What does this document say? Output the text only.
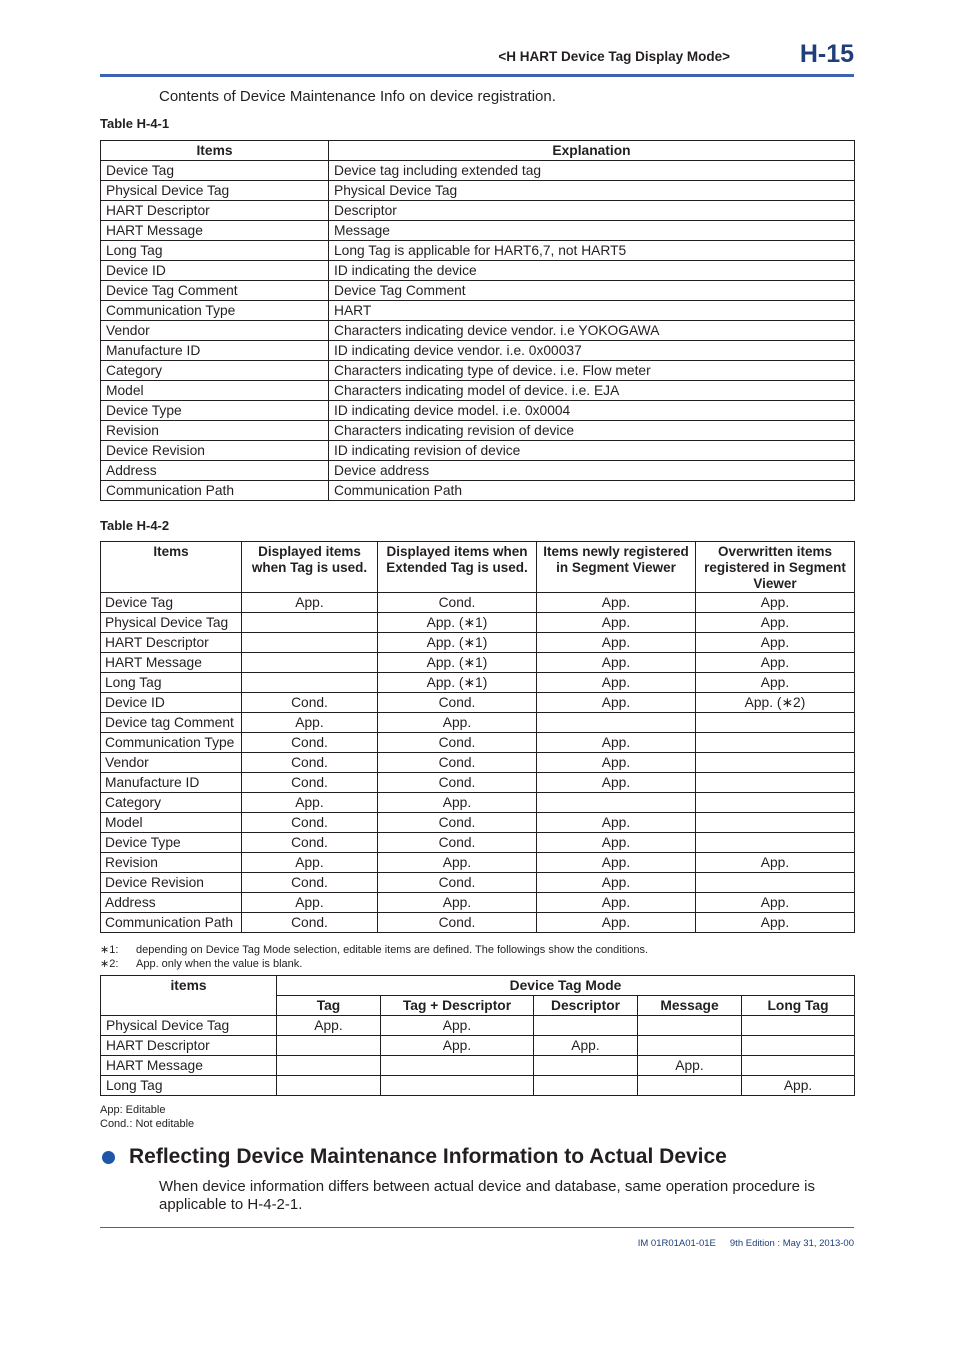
<H HART Device Tag Display Mode>	H-15
Contents of Device Maintenance Info on device registration.
Table H-4-1
Items	Explanation
Device Tag	Device tag including extended tag
Physical Device Tag	Physical Device Tag
HART Descriptor	Descriptor
HART Message	Message
Long Tag	Long Tag is applicable for HART6,7, not HART5
Device ID	ID indicating the device
Device Tag Comment	Device Tag Comment
Communication Type	HART
Vendor	Characters indicating device vendor. i.e YOKOGAWA
Manufacture ID	ID indicating device vendor. i.e. 0x00037
Category	Characters indicating type of device. i.e. Flow meter
Model	Characters indicating model of device. i.e. EJA
Device Type	ID indicating device model. i.e. 0x0004
Revision	Characters indicating revision of device
Device Revision	ID indicating revision of device
Address	Device address
Communication Path	Communication Path
Table H-4-2
Items	Displayed items when Tag is used.	Displayed items when Extended Tag is used.	Items newly registered in Segment Viewer	Overwritten items registered in Segment Viewer
Device Tag	App.	Cond.	App.	App.
Physical Device Tag		App. (∗1)	App.	App.
HART Descriptor		App. (∗1)	App.	App.
HART Message		App. (∗1)	App.	App.
Long Tag		App. (∗1)	App.	App.
Device ID	Cond.	Cond.	App.	App. (∗2)
Device tag Comment	App.	App.		
Communication Type	Cond.	Cond.	App.	
Vendor	Cond.	Cond.	App.	
Manufacture ID	Cond.	Cond.	App.	
Category	App.	App.		
Model	Cond.	Cond.	App.	
Device Type	Cond.	Cond.	App.	
Revision	App.	App.	App.	App.
Device Revision	Cond.	Cond.	App.	
Address	App.	App.	App.	App.
Communication Path	Cond.	Cond.	App.	App.
∗1:	depending on Device Tag Mode selection, editable items are defined. The followings show the conditions.
∗2:	App. only when the value is blank.
items	Device Tag Mode				
	Tag	Tag + Descriptor	Descriptor	Message	Long Tag
Physical Device Tag	App.	App.			
HART Descriptor		App.	App.		
HART Message				App.	
Long Tag					App.
App: Editable
Cond.: Not editable
Reflecting Device Maintenance Information to Actual Device
When device information differs between actual device and database, same operation procedure is applicable to H-4-2-1.
IM 01R01A01-01E 9th Edition : May 31, 2013-00
